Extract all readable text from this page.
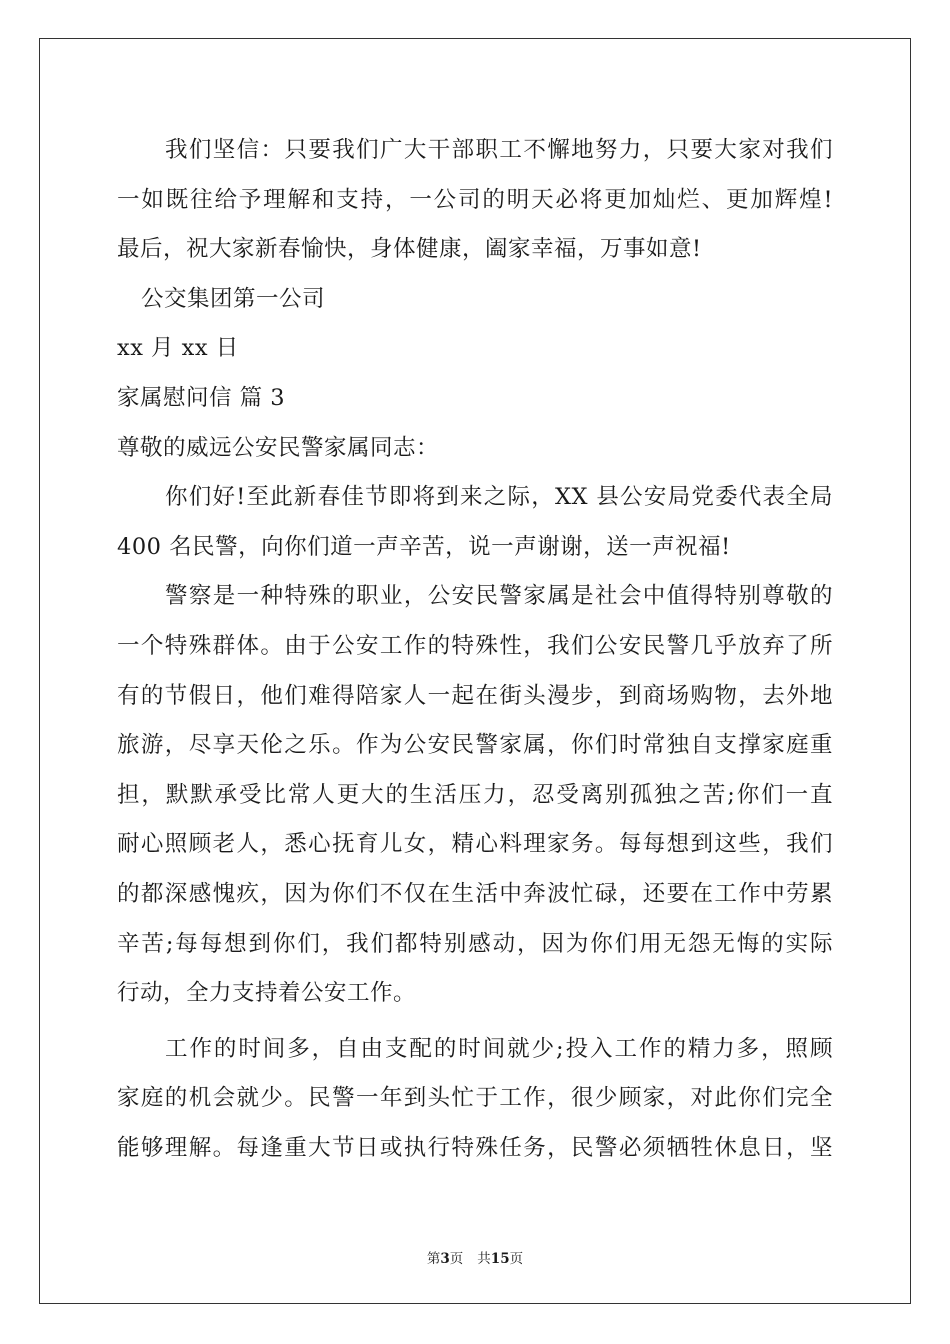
我们坚信：只要我们广大干部职工不懈地努力，只要大家对我们
一如既往给予理解和支持，一公司的明天必将更加灿烂、更加辉煌!
最后，祝大家新春愉快，身体健康，阖家幸福，万事如意!
公交集团第一公司
xx 月 xx 日
家属慰问信 篇 3
尊敬的威远公安民警家属同志：
你们好!至此新春佳节即将到来之际，XX 县公安局党委代表全局
400 名民警，向你们道一声辛苦，说一声谢谢，送一声祝福!
警察是一种特殊的职业，公安民警家属是社会中值得特别尊敬的
一个特殊群体。由于公安工作的特殊性，我们公安民警几乎放弃了所
有的节假日，他们难得陪家人一起在街头漫步，到商场购物，去外地
旅游，尽享天伦之乐。作为公安民警家属，你们时常独自支撑家庭重
担，默默承受比常人更大的生活压力，忍受离别孤独之苦;你们一直
耐心照顾老人，悉心抚育儿女，精心料理家务。每每想到这些，我们
的都深感愧疚，因为你们不仅在生活中奔波忙碌，还要在工作中劳累
辛苦;每每想到你们，我们都特别感动，因为你们用无怨无悔的实际
行动，全力支持着公安工作。
工作的时间多，自由支配的时间就少;投入工作的精力多，照顾
家庭的机会就少。民警一年到头忙于工作，很少顾家，对此你们完全
能够理解。每逢重大节日或执行特殊任务，民警必须牺牲休息日，坚
第3页 共15页
